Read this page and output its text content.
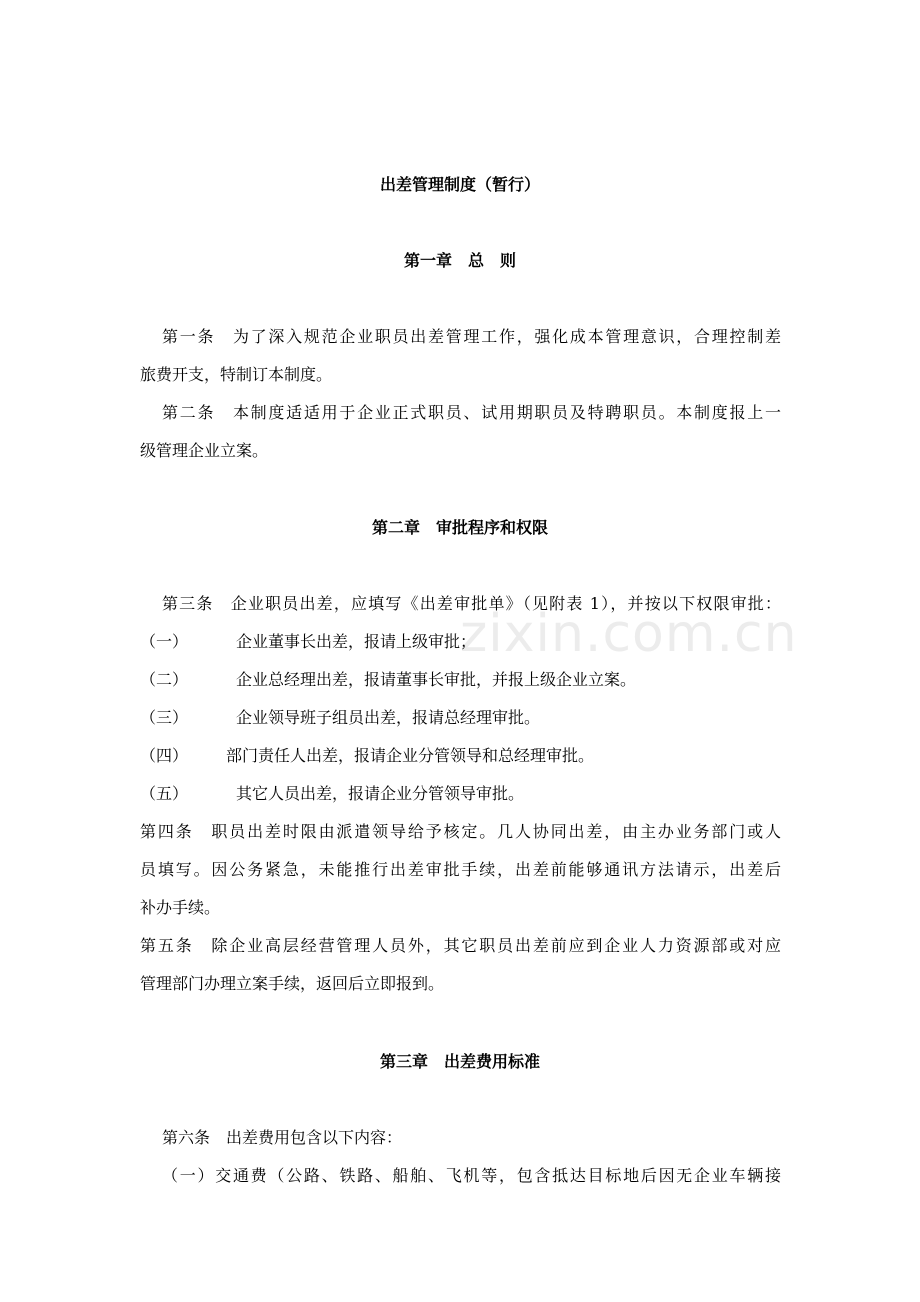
zixin.com.cn
出差管理制度（暂行）
第一章　总　则
第一条　为了深入规范企业职员出差管理工作，强化成本管理意识，合理控制差
旅费开支，特制订本制度。
第二条　本制度适适用于企业正式职员、试用期职员及特聘职员。本制度报上一
级管理企业立案。
第二章　审批程序和权限
第三条　企业职员出差，应填写《出差审批单》（见附表 1），并按以下权限审批：
（一）	企业董事长出差，报请上级审批；
（二）	企业总经理出差，报请董事长审批，并报上级企业立案。
（三）	企业领导班子组员出差，报请总经理审批。
（四） 部门责任人出差，报请企业分管领导和总经理审批。
（五）	其它人员出差，报请企业分管领导审批。
第四条　职员出差时限由派遣领导给予核定。几人协同出差，由主办业务部门或人
员填写。因公务紧急，未能推行出差审批手续，出差前能够通讯方法请示，出差后
补办手续。
第五条　除企业高层经营管理人员外，其它职员出差前应到企业人力资源部或对应
管理部门办理立案手续，返回后立即报到。
第三章　出差费用标准
第六条　出差费用包含以下内容：
（一）交通费（公路、铁路、船舶、飞机等，包含抵达目标地后因无企业车辆接
